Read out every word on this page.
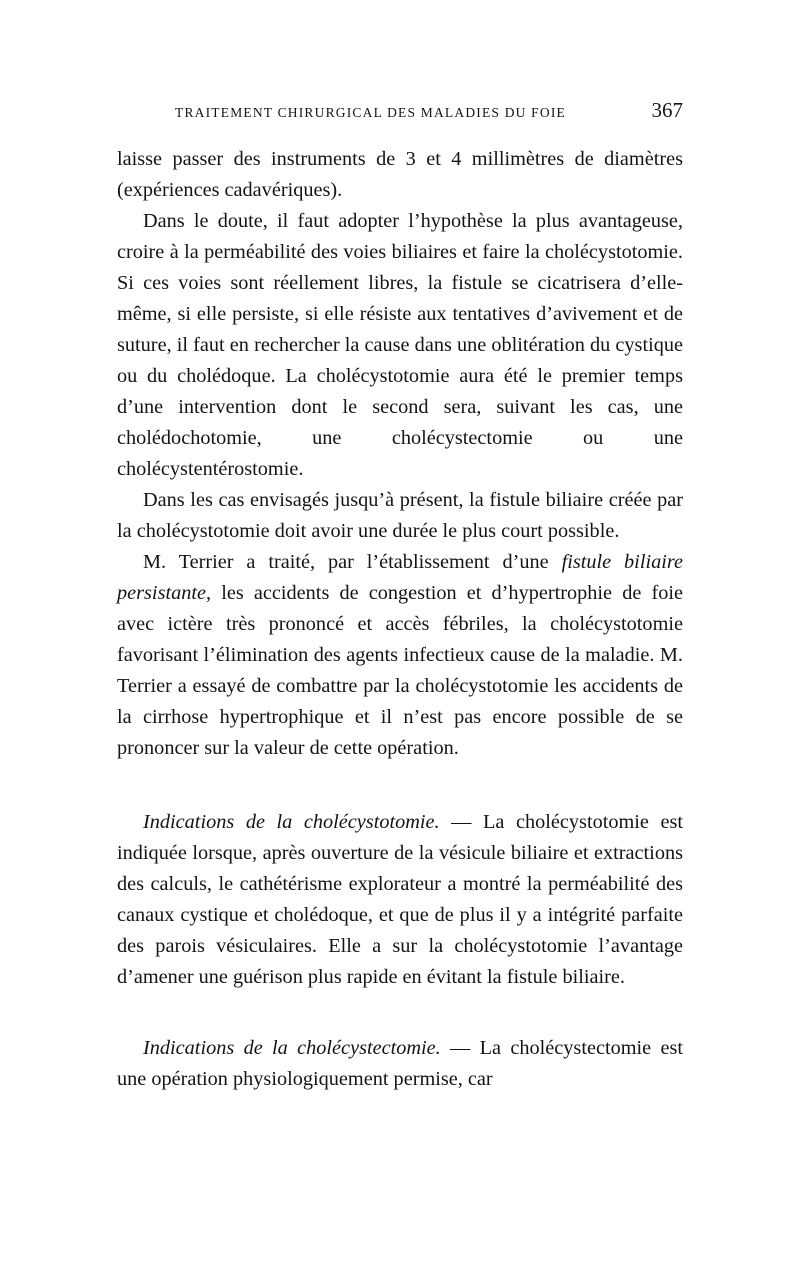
TRAITEMENT CHIRURGICAL DES MALADIES DU FOIE	367

laisse passer des instruments de 3 et 4 millimètres de diamètres (expériences cadavériques).

Dans le doute, il faut adopter l’hypothèse la plus avantageuse, croire à la perméabilité des voies biliaires et faire la cholécystotomie. Si ces voies sont réellement libres, la fistule se cicatrisera d’elle-même, si elle persiste, si elle résiste aux tentatives d’avivement et de suture, il faut en rechercher la cause dans une oblitération du cystique ou du cholédoque. La cholécystotomie aura été le premier temps d’une intervention dont le second sera, suivant les cas, une cholédochotomie, une cholécystectomie ou une cholécystentérostomie.

Dans les cas envisagés jusqu’à présent, la fistule biliaire créée par la cholécystotomie doit avoir une durée le plus court possible.

M. Terrier a traité, par l’établissement d’une fistule biliaire persistante, les accidents de congestion et d’hypertrophie de foie avec ictère très prononcé et accès fébriles, la cholécystotomie favorisant l’élimination des agents infectieux cause de la maladie. M. Terrier a essayé de combattre par la cholécystotomie les accidents de la cirrhose hypertrophique et il n’est pas encore possible de se prononcer sur la valeur de cette opération.

Indications de la cholécystotomie. — La cholécystotomie est indiquée lorsque, après ouverture de la vésicule biliaire et extractions des calculs, le cathétérisme explorateur a montré la perméabilité des canaux cystique et cholédoque, et que de plus il y a intégrité parfaite des parois vésiculaires. Elle a sur la cholécystotomie l’avantage d’amener une guérison plus rapide en évitant la fistule biliaire.

Indications de la cholécystectomie. — La cholécystectomie est une opération physiologiquement permise, car
